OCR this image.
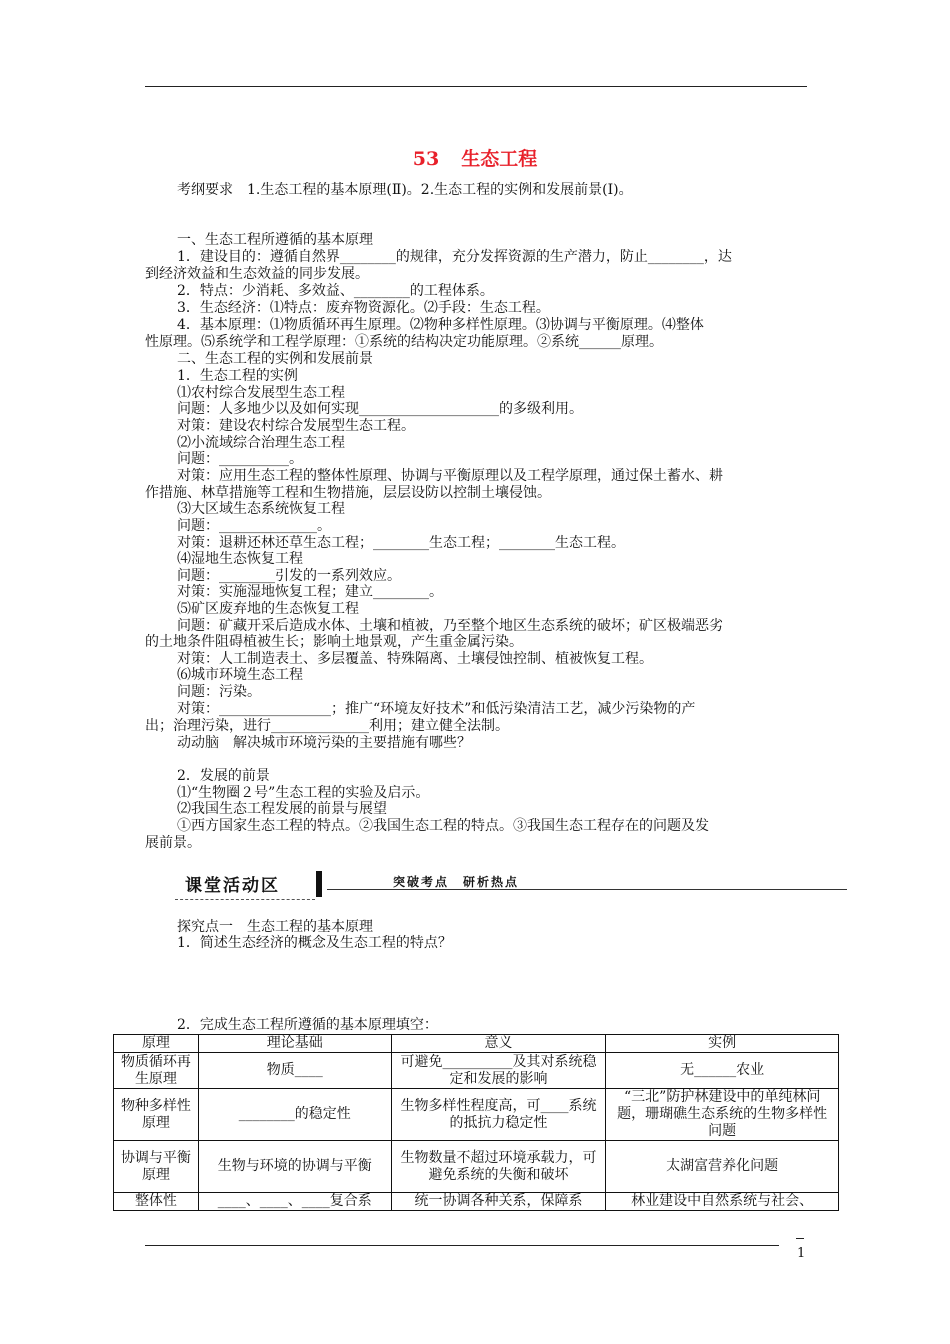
53 生态工程
考纲要求　1.生态工程的基本原理(Ⅱ)。2.生态工程的实例和发展前景(Ⅰ)。
一、生态工程所遵循的基本原理
1．建设目的：遵循自然界________的规律，充分发挥资源的生产潜力，防止________，达
到经济效益和生态效益的同步发展。
2．特点：少消耗、多效益、________的工程体系。
3．生态经济：⑴特点：废弃物资源化。⑵手段：生态工程。
4．基本原理：⑴物质循环再生原理。⑵物种多样性原理。⑶协调与平衡原理。⑷整体
性原理。⑸系统学和工程学原理：①系统的结构决定功能原理。②系统______原理。
二、生态工程的实例和发展前景
1．生态工程的实例
⑴农村综合发展型生态工程
问题：人多地少以及如何实现____________________的多级利用。
对策：建设农村综合发展型生态工程。
⑵小流域综合治理生态工程
问题：__________。
对策：应用生态工程的整体性原理、协调与平衡原理以及工程学原理，通过保土蓄水、耕
作措施、林草措施等工程和生物措施，层层设防以控制土壤侵蚀。
⑶大区域生态系统恢复工程
问题：______________。
对策：退耕还林还草生态工程；________生态工程；________生态工程。
⑷湿地生态恢复工程
问题：________引发的一系列效应。
对策：实施湿地恢复工程；建立________。
⑸矿区废弃地的生态恢复工程
问题：矿藏开采后造成水体、土壤和植被，乃至整个地区生态系统的破坏；矿区极端恶劣
的土地条件阻碍植被生长；影响土地景观，产生重金属污染。
对策：人工制造表土、多层覆盖、特殊隔离、土壤侵蚀控制、植被恢复工程。
⑹城市环境生态工程
问题：污染。
对策：________________；推广“环境友好技术”和低污染清洁工艺，减少污染物的产
出；治理污染，进行______________利用；建立健全法制。
动动脑　解决城市环境污染的主要措施有哪些？
2．发展的前景
⑴“生物圈２号”生态工程的实验及启示。
⑵我国生态工程发展的前景与展望
①西方国家生态工程的特点。②我国生态工程的特点。③我国生态工程存在的问题及发
展前景。
课堂活动区	突破考点　研析热点
探究点一　生态工程的基本原理
1．简述生态经济的概念及生态工程的特点？
2．完成生态工程所遵循的基本原理填空：
原理	理论基础	意义	实例
物质循环再生原理	物质____	可避免__________及其对系统稳定和发展的影响	无______农业
物种多样性原理	________的稳定性	生物多样性程度高，可____系统的抵抗力稳定性	“三北”防护林建设中的单纯林问题，珊瑚礁生态系统的生物多样性问题
协调与平衡原理	生物与环境的协调与平衡	生物数量不超过环境承载力，可避免系统的失衡和破坏	太湖富营养化问题
整体性	____、____、____复合系	统一协调各种关系，保障系	林业建设中自然系统与社会、
1
